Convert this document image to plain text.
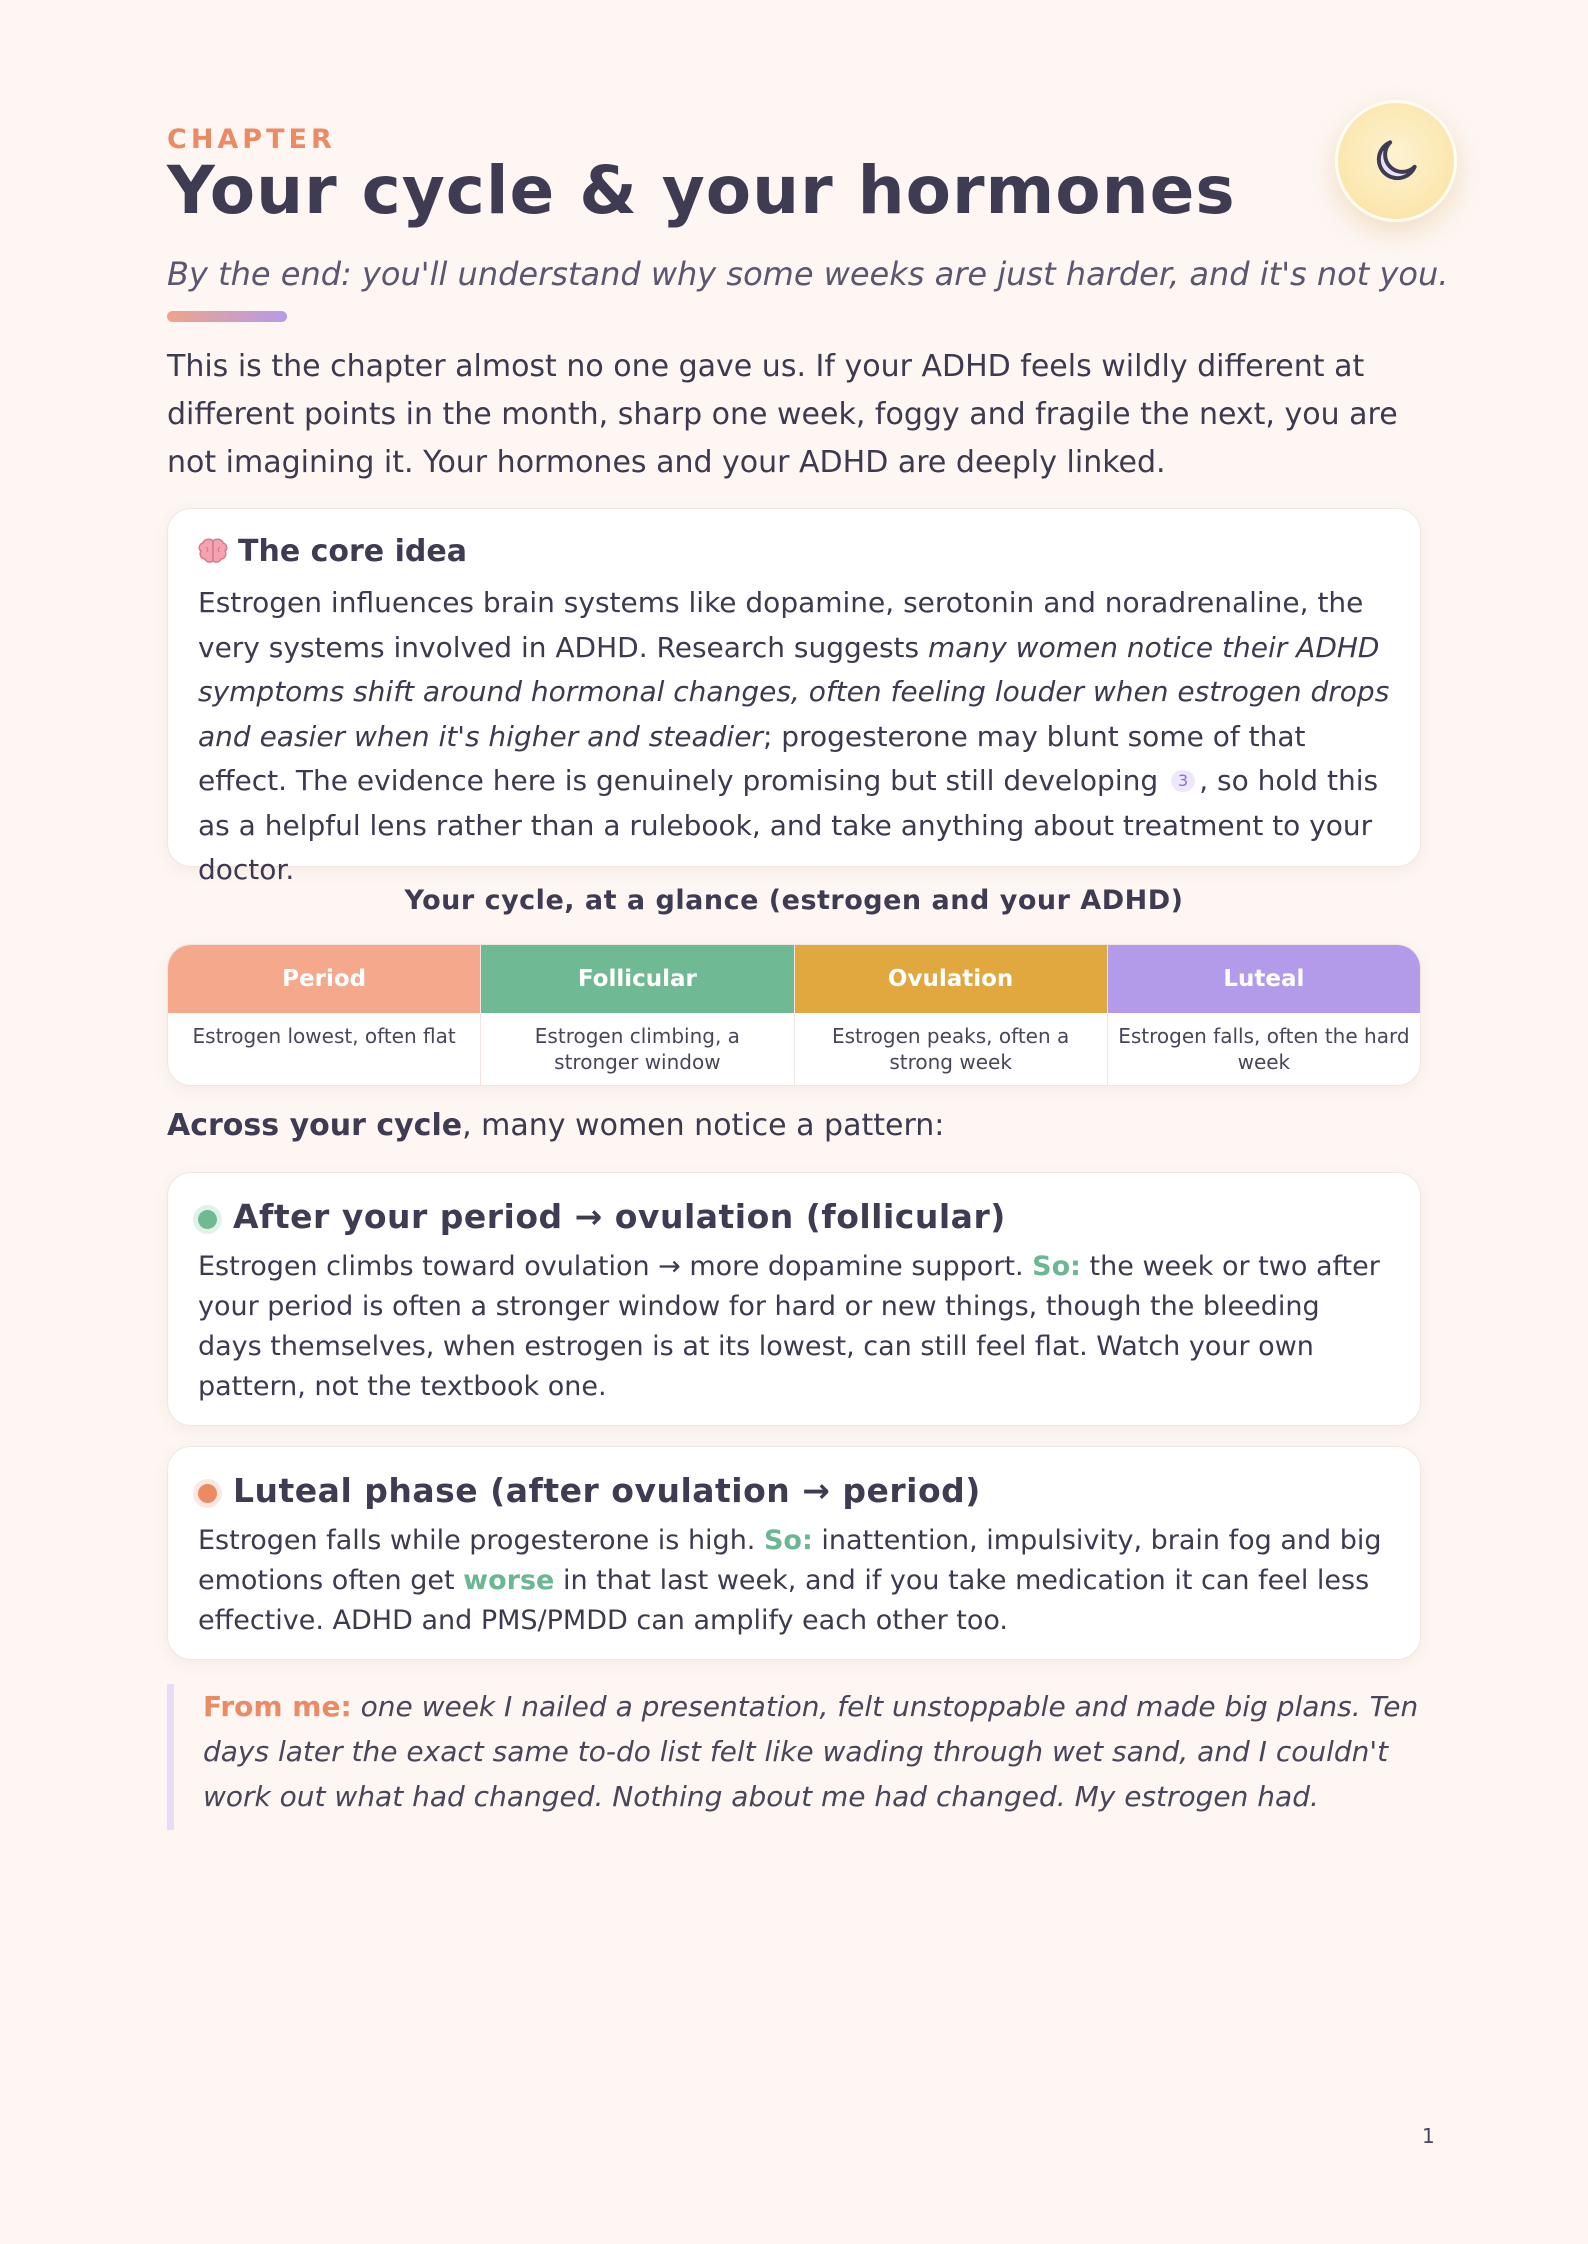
CHAPTER
Your cycle & your hormones
By the end: you'll understand why some weeks are just harder, and it's not you.

This is the chapter almost no one gave us. If your ADHD feels wildly different at different points in the month, sharp one week, foggy and fragile the next, you are not imagining it. Your hormones and your ADHD are deeply linked.

The core idea
Estrogen influences brain systems like dopamine, serotonin and noradrenaline, the very systems involved in ADHD. Research suggests many women notice their ADHD symptoms shift around hormonal changes, often feeling louder when estrogen drops and easier when it's higher and steadier; progesterone may blunt some of that effect. The evidence here is genuinely promising but still developing 3 , so hold this as a helpful lens rather than a rulebook, and take anything about treatment to your doctor.
Your cycle, at a glance (estrogen and your ADHD)
Period
Estrogen lowest, often flat
Follicular
Estrogen climbing, a stronger window
Ovulation
Estrogen peaks, often a strong week
Luteal
Estrogen falls, often the hard week
Across your cycle, many women notice a pattern:
After your period → ovulation (follicular)
Estrogen climbs toward ovulation → more dopamine support. So: the week or two after your period is often a stronger window for hard or new things, though the bleeding days themselves, when estrogen is at its lowest, can still feel flat. Watch your own pattern, not the textbook one.
Luteal phase (after ovulation → period)
Estrogen falls while progesterone is high. So: inattention, impulsivity, brain fog and big emotions often get worse in that last week, and if you take medication it can feel less effective. ADHD and PMS/PMDD can amplify each other too.
From me: one week I nailed a presentation, felt unstoppable and made big plans. Ten days later the exact same to-do list felt like wading through wet sand, and I couldn't work out what had changed. Nothing about me had changed. My estrogen had.
1
